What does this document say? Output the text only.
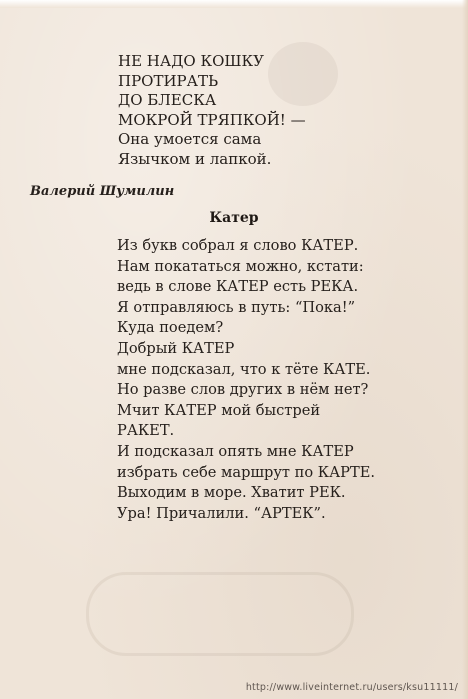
НЕ НАДО КОШКУ
ПРОТИРАТЬ
ДО БЛЕСКА
МОКРОЙ ТРЯПКОЙ! —
Она умоется сама
Язычком и лапкой.
Валерий Шумилин
Катер
Из букв собрал я слово КАТЕР.
Нам покататься можно, кстати:
ведь в слове КАТЕР есть РЕКА.
Я отправляюсь в путь: “Пока!”
Куда поедем?
Добрый КАТЕР
мне подсказал, что к тёте КАТЕ.
Но разве слов других в нём нет?
Мчит КАТЕР мой быстрей
РАКЕТ.
И подсказал опять мне КАТЕР
избрать себе маршрут по КАРТЕ.
Выходим в море. Хватит РЕК.
Ура! Причалили. “АРТЕК”.
http://www.liveinternet.ru/users/ksu11111/
